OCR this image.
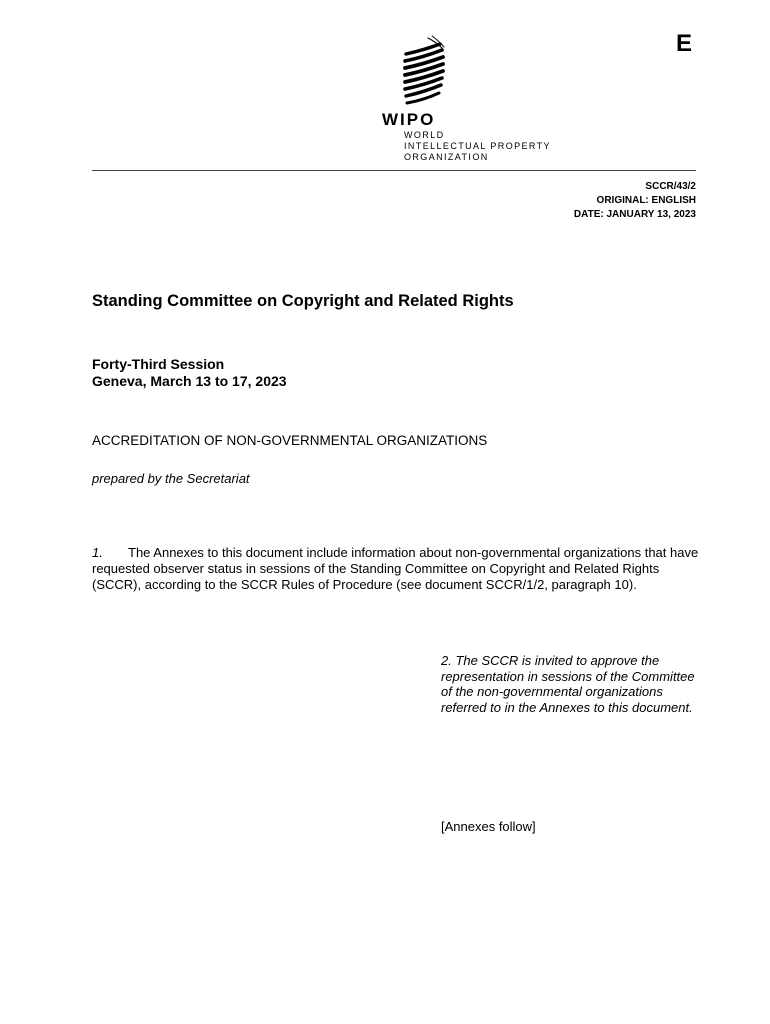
E
WIPO
WORLD
INTELLECTUAL PROPERTY
ORGANIZATION
SCCR/43/2
ORIGINAL: ENGLISH
DATE: JANUARY 13, 2023
Standing Committee on Copyright and Related Rights
Forty-Third Session
Geneva, March 13 to 17, 2023
ACCREDITATION OF NON-GOVERNMENTAL ORGANIZATIONS
prepared by the Secretariat
1. The Annexes to this document include information about non-governmental organizations that have requested observer status in sessions of the Standing Committee on Copyright and Related Rights (SCCR), according to the SCCR Rules of Procedure (see document SCCR/1/2, paragraph 10).
2. The SCCR is invited to approve the representation in sessions of the Committee of the non-governmental organizations referred to in the Annexes to this document.
[Annexes follow]
